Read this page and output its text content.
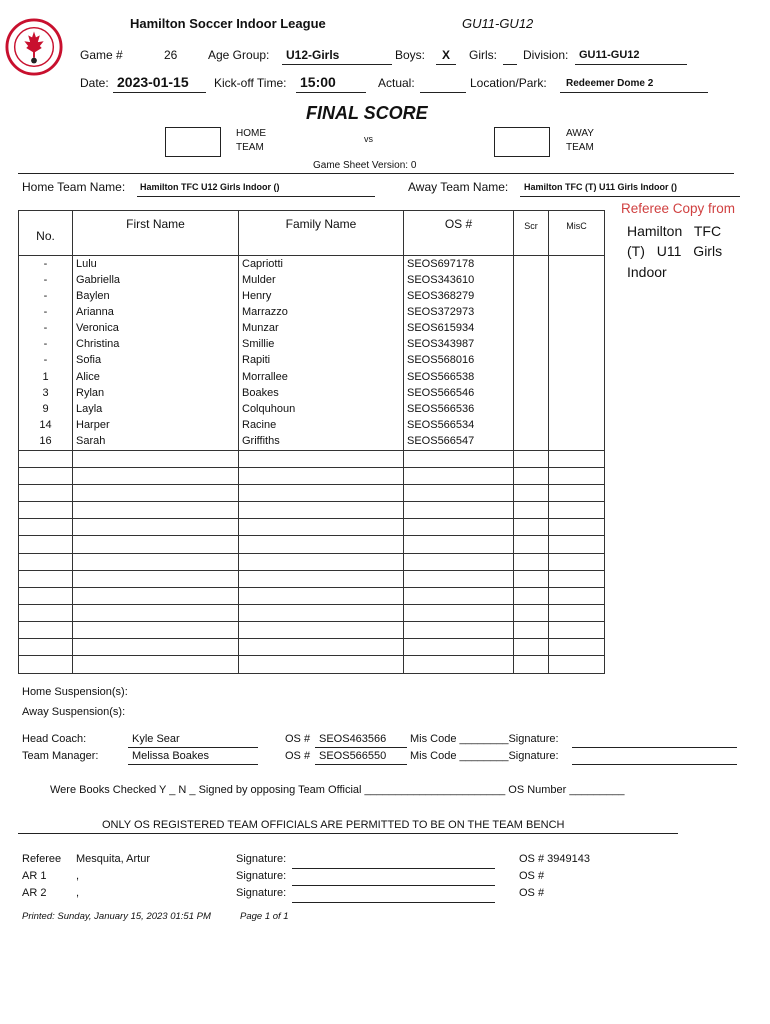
Hamilton Soccer Indoor League	GU11-GU12
Game #	26	Age Group: U12-Girls	Boys: X Girls: Division: GU11-GU12
Date: 2023-01-15 Kick-off Time: 15:00	Actual:	Location/Park: Redeemer Dome 2
FINAL SCORE
HOME
TEAM
vs	AWAY
TEAM
Game Sheet Version: 0
Home Team Name: Hamilton TFC U12 Girls Indoor ()	Away Team Name: Hamilton TFC (T) U11 Girls Indoor ()
Referee Copy from
Hamilton TFC
(T) U11 Girls
Indoor
No.	First Name	Family Name	OS #	Scr	MisC
-	Lulu	Capriotti	SEOS697178		
-	Gabriella	Mulder	SEOS343610		
-	Baylen	Henry	SEOS368279		
-	Arianna	Marrazzo	SEOS372973		
-	Veronica	Munzar	SEOS615934		
-	Christina	Smillie	SEOS343987		
-	Sofia	Rapiti	SEOS568016		
1	Alice	Morrallee	SEOS566538		
3	Rylan	Boakes	SEOS566546		
9	Layla	Colquhoun	SEOS566536		
14	Harper	Racine	SEOS566534		
16	Sarah	Griffiths	SEOS566547		

Home Suspension(s):
Away Suspension(s):
Head Coach:	Kyle Sear	OS # SEOS463566 Mis Code ________Signature:
Team Manager:	Melissa Boakes	OS # SEOS566550 Mis Code ________Signature:
Were Books Checked Y _ N _ Signed by opposing Team Official _______________________ OS Number _________
ONLY OS REGISTERED TEAM OFFICIALS ARE PERMITTED TO BE ON THE TEAM BENCH
Referee Mesquita, Artur	Signature:	OS # 3949143
AR 1	,	Signature:	OS #
AR 2	,	Signature:	OS #
Printed: Sunday, January 15, 2023 01:51 PM	Page 1 of 1
